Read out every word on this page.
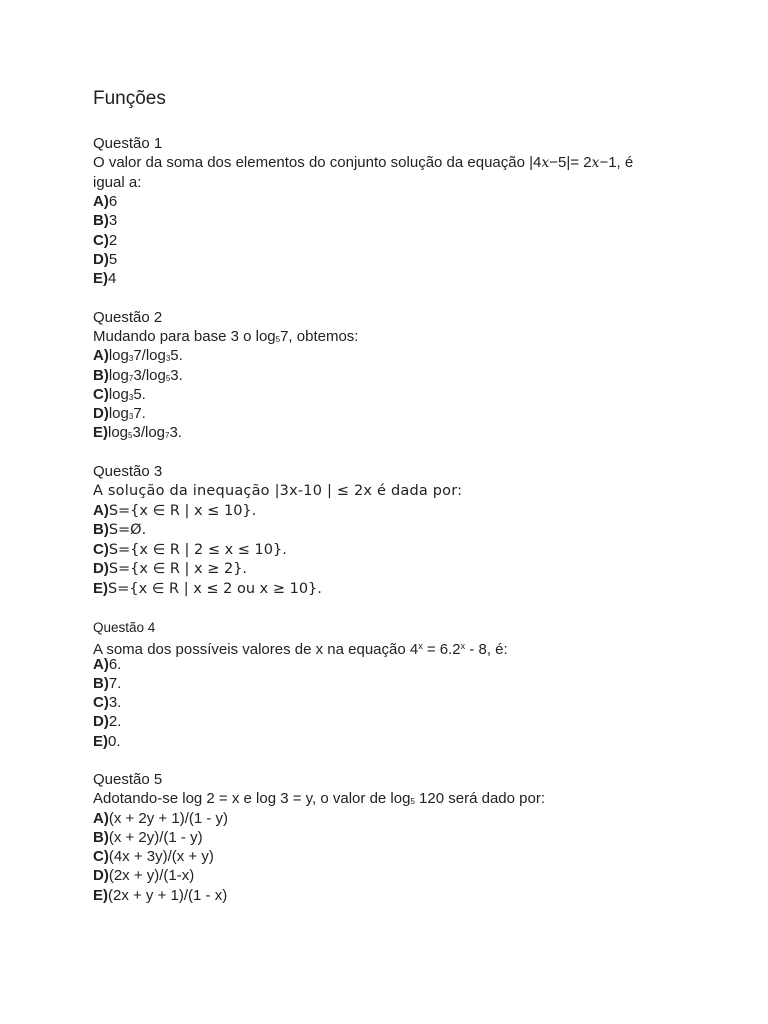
Funções
Questão 1
O valor da soma dos elementos do conjunto solução da equação |4x−5|= 2x−1, é
igual a:
A)6
B)3
C)2
D)5
E)4
Questão 2
Mudando para base 3 o log57, obtemos:
A)log37/log35.
B)log73/log53.
C)log35.
D)log37.
E)log53/log73.
Questão 3
A solução da inequação |3x-10 | ≤ 2x é dada por:
A)S={x ∈ R | x ≤ 10}.
B)S=Ø.
C)S={x ∈ R | 2 ≤ x ≤ 10}.
D)S={x ∈ R | x ≥ 2}.
E)S={x ∈ R | x ≤ 2 ou x ≥ 10}.
Questão 4
A soma dos possíveis valores de x na equação $4^x = 6.2^x - 8$, é:
A)6.
B)7.
C)3.
D)2.
E)0.
Questão 5
Adotando-se log 2 = x e log 3 = y, o valor de log5 120 será dado por:
A)(x + 2y + 1)/(1 - y)
B)(x + 2y)/(1 - y)
C)(4x + 3y)/(x + y)
D)(2x + y)/(1-x)
E)(2x + y + 1)/(1 - x)
